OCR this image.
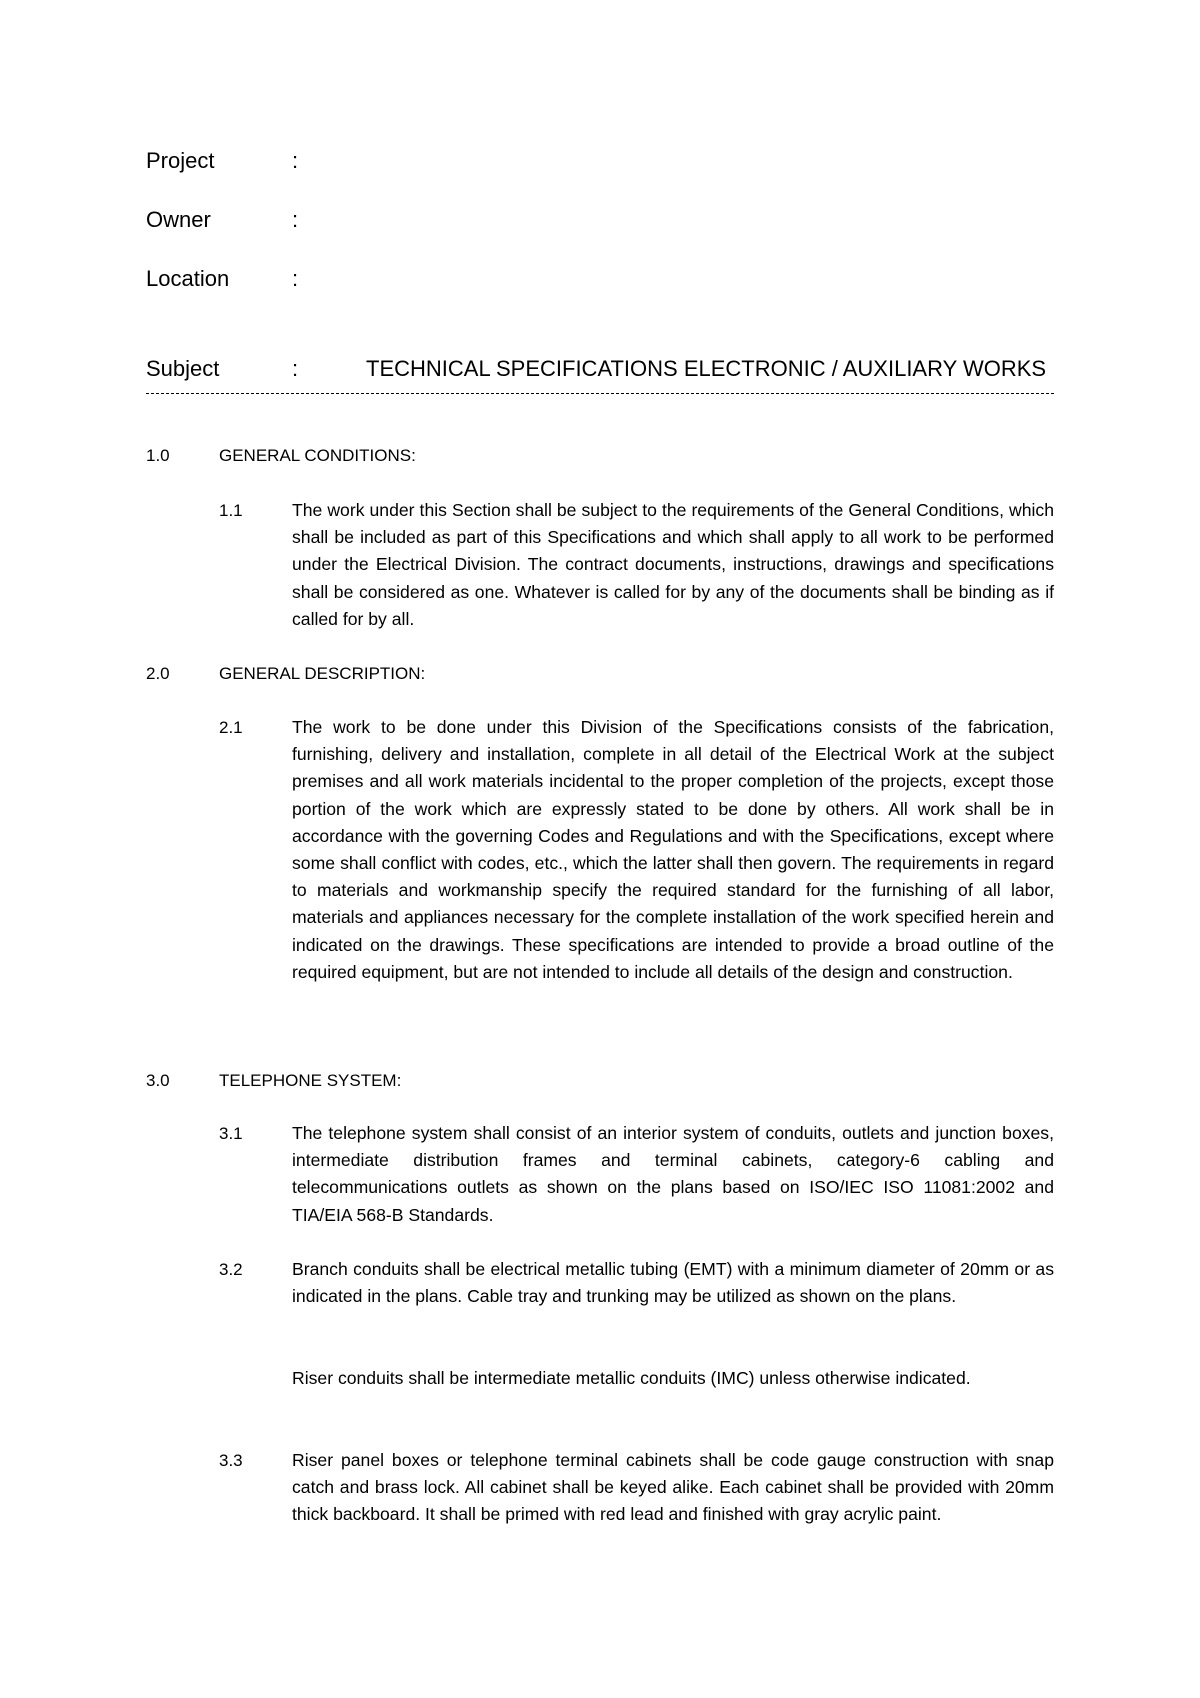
Project	:
Owner	:
Location	:
Subject	:	TECHNICAL SPECIFICATIONS ELECTRONIC / AUXILIARY WORKS
1.0	GENERAL CONDITIONS:
1.1	The work under this Section shall be subject to the requirements of the General Conditions, which shall be included as part of this Specifications and which shall apply to all work to be performed under the Electrical Division. The contract documents, instructions, drawings and specifications shall be considered as one. Whatever is called for by any of the documents shall be binding as if called for by all.

2.0	GENERAL DESCRIPTION:
2.1	The work to be done under this Division of the Specifications consists of the fabrication, furnishing, delivery and installation, complete in all detail of the Electrical Work at the subject premises and all work materials incidental to the proper completion of the projects, except those portion of the work which are expressly stated to be done by others. All work shall be in accordance with the governing Codes and Regulations and with the Specifications, except where some shall conflict with codes, etc., which the latter shall then govern. The requirements in regard to materials and workmanship specify the required standard for the furnishing of all labor, materials and appliances necessary for the complete installation of the work specified herein and indicated on the drawings. These specifications are intended to provide a broad outline of the required equipment, but are not intended to include all details of the design and construction.

3.0	TELEPHONE SYSTEM:
3.1	The telephone system shall consist of an interior system of conduits, outlets and junction boxes, intermediate distribution frames and terminal cabinets, category-6 cabling and telecommunications outlets as shown on the plans based on ISO/IEC ISO 11081:2002 and TIA/EIA 568-B Standards.

3.2	Branch conduits shall be electrical metallic tubing (EMT) with a minimum diameter of 20mm or as indicated in the plans. Cable tray and trunking may be utilized as shown on the plans.

Riser conduits shall be intermediate metallic conduits (IMC) unless otherwise indicated.

3.3	Riser panel boxes or telephone terminal cabinets shall be code gauge construction with snap catch and brass lock. All cabinet shall be keyed alike. Each cabinet shall be provided with 20mm thick backboard. It shall be primed with red lead and finished with gray acrylic paint.
